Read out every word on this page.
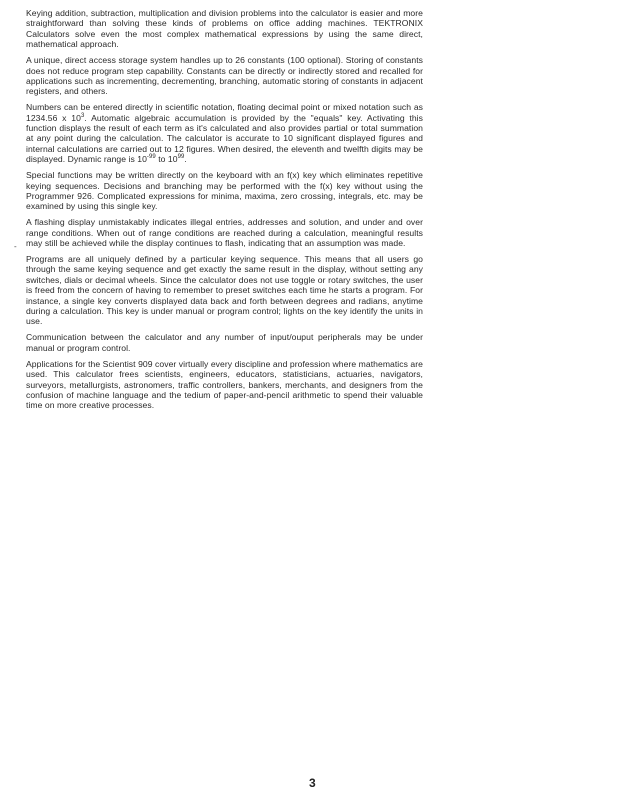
Keying addition, subtraction, multiplication and division problems into the calculator is easier and more straightforward than solving these kinds of problems on office adding machines. TEKTRONIX Calculators solve even the most complex mathematical expressions by using the same direct, mathematical approach.

A unique, direct access storage system handles up to 26 constants (100 optional). Storing of constants does not reduce program step capability. Constants can be directly or indirectly stored and recalled for applications such as incrementing, decrementing, branching, automatic storing of constants in adjacent registers, and others.

Numbers can be entered directly in scientific notation, floating decimal point or mixed notation such as 1234.56 x $10^3$. Automatic algebraic accumulation is provided by the "equals" key. Activating this function displays the result of each term as it's calculated and also provides partial or total summation at any point during the calculation. The calculator is accurate to 10 significant displayed figures and internal calculations are carried out to 12 figures. When desired, the eleventh and twelfth digits may be displayed. Dynamic range is $10^{-99}$ to $10^{99}$.

Special functions may be written directly on the keyboard with an f(x) key which eliminates repetitive keying sequences. Decisions and branching may be performed with the f(x) key without using the Programmer 926. Complicated expressions for minima, maxima, zero crossing, integrals, etc. may be examined by using this single key.

A flashing display unmistakably indicates illegal entries, addresses and solution, and under and over range conditions. When out of range conditions are reached during a calculation, meaningful results may still be achieved while the display continues to flash, indicating that an assumption was made.

Programs are all uniquely defined by a particular keying sequence. This means that all users go through the same keying sequence and get exactly the same result in the display, without setting any switches, dials or decimal wheels. Since the calculator does not use toggle or rotary switches, the user is freed from the concern of having to remember to preset switches each time he starts a program. For instance, a single key converts displayed data back and forth between degrees and radians, anytime during a calculation. This key is under manual or program control; lights on the key identify the units in use.

Communication between the calculator and any number of input/ouput peripherals may be under manual or program control.

Applications for the Scientist 909 cover virtually every discipline and profession where mathematics are used. This calculator frees scientists, engineers, educators, statisticians, actuaries, navigators, surveyors, metallurgists, astronomers, traffic controllers, bankers, merchants, and designers from the confusion of machine language and the tedium of paper-and-pencil arithmetic to spend their valuable time on more creative processes.

-
3
